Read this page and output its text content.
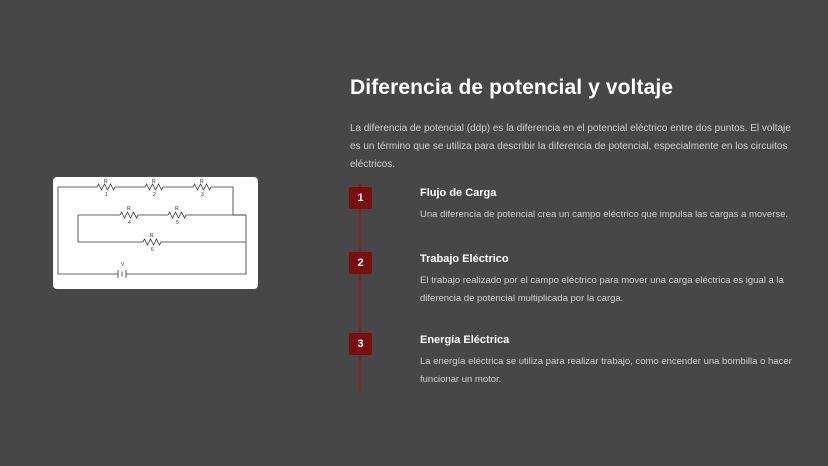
R	R	R
R	R
R
1	2	3
4	5
6
V
Diferencia de potencial y voltaje

La diferencia de potencial (ddp) es la diferencia en el potencial eléctrico entre dos puntos. El voltaje es un término que se utiliza para describir la diferencia de potencial, especialmente en los circuitos eléctricos.

1	Flujo de Carga
Una diferencia de potencial crea un campo eléctrico que impulsa las cargas a moverse.
2	Trabajo Eléctrico
El trabajo realizado por el campo eléctrico para mover una carga eléctrica es igual a la diferencia de potencial multiplicada por la carga.
3	Energía Eléctrica
La energía eléctrica se utiliza para realizar trabajo, como encender una bombilla o hacer funcionar un motor.
